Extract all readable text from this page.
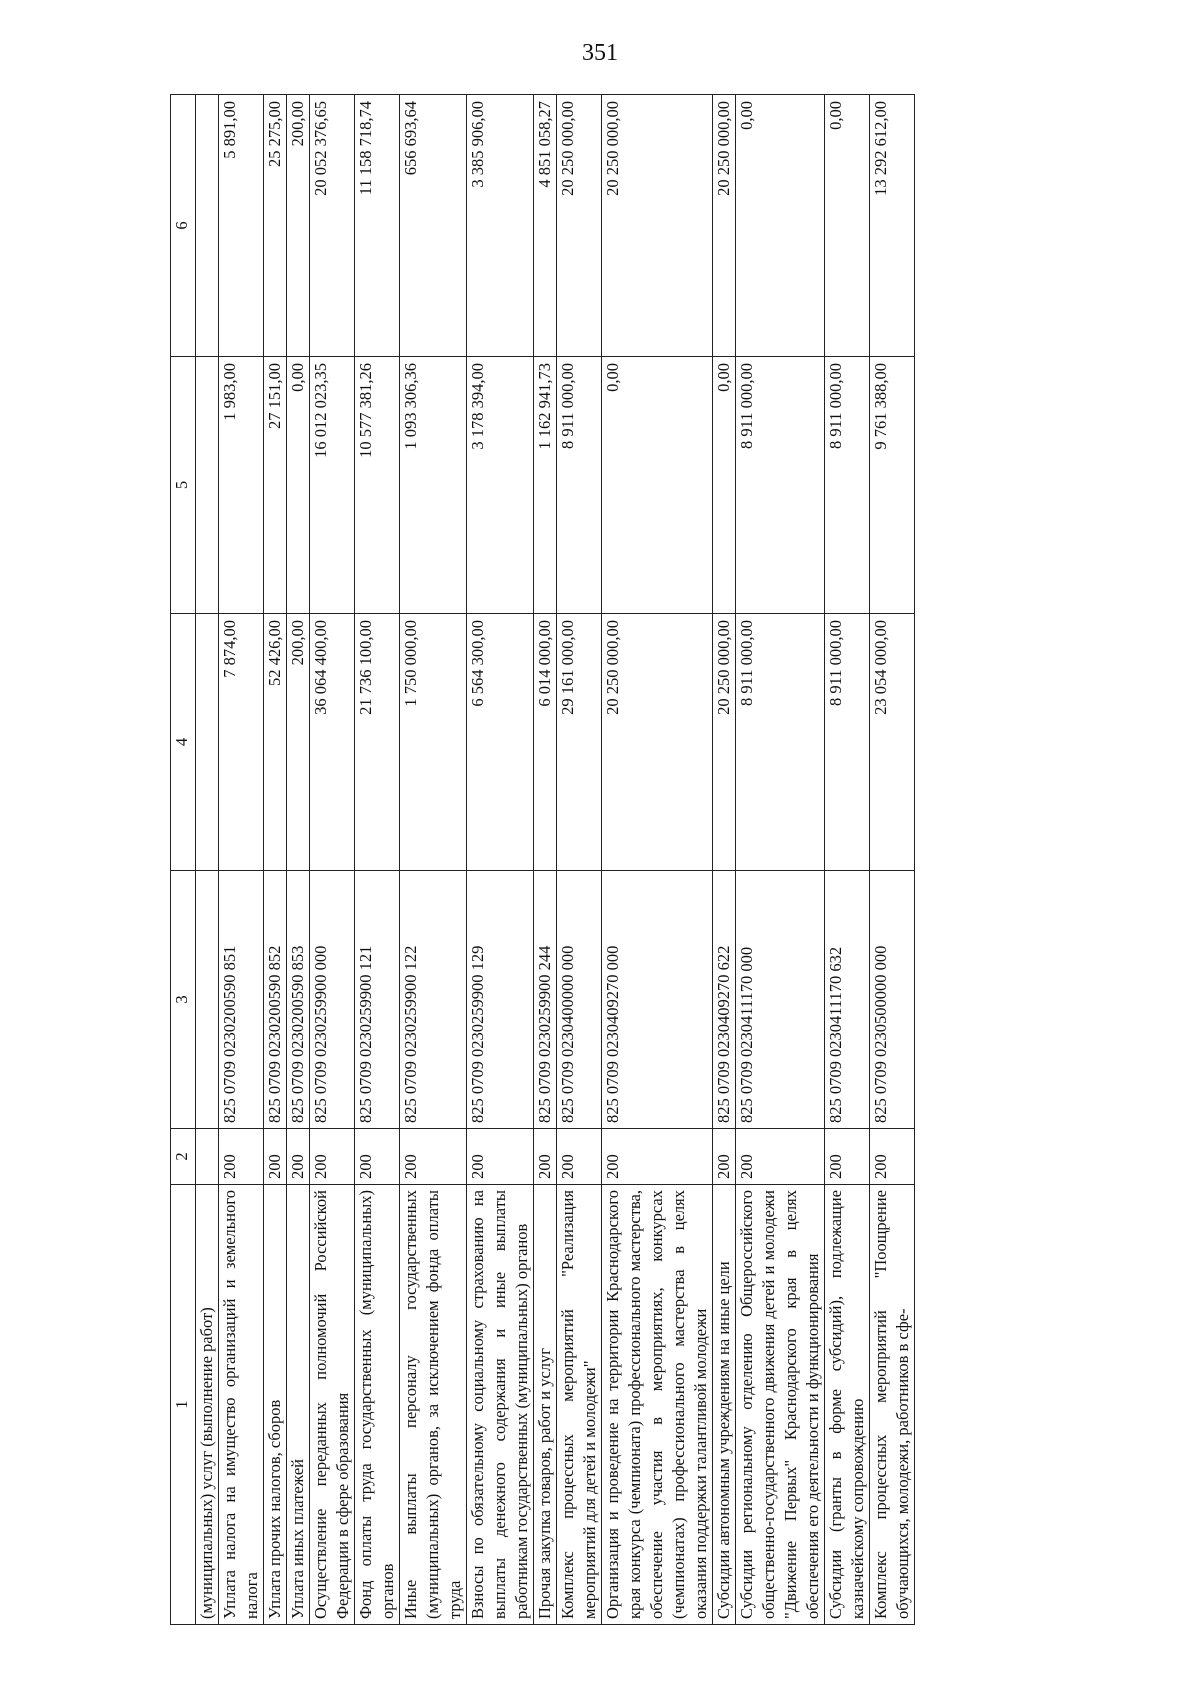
351
1	2	3	4	5	6
(муниципальных) услуг (выполнение работ)					
Уплата налога на имущество организаций и земельного налога	200	825 0709 0230200590 851	7 874,00	1 983,00	5 891,00
Уплата прочих налогов, сборов	200	825 0709 0230200590 852	52 426,00	27 151,00	25 275,00
Уплата иных платежей	200	825 0709 0230200590 853	200,00	0,00	200,00
Осуществление переданных полномочий Российской Федерации в сфере образования	200	825 0709 0230259900 000	36 064 400,00	16 012 023,35	20 052 376,65
Фонд оплаты труда государственных (муниципальных) органов	200	825 0709 0230259900 121	21 736 100,00	10 577 381,26	11 158 718,74
Иные выплаты персоналу государственных (муниципальных) органов, за исключением фонда оплаты труда	200	825 0709 0230259900 122	1 750 000,00	1 093 306,36	656 693,64
Взносы по обязательному социальному страхованию на выплаты денежного содержания и иные выплаты работникам государственных (муниципальных) органов	200	825 0709 0230259900 129	6 564 300,00	3 178 394,00	3 385 906,00
Прочая закупка товаров, работ и услуг	200	825 0709 0230259900 244	6 014 000,00	1 162 941,73	4 851 058,27
Комплекс процессных мероприятий "Реализация мероприятий для детей и молодежи"	200	825 0709 0230400000 000	29 161 000,00	8 911 000,00	20 250 000,00
Организация и проведение на территории Краснодарского края конкурса (чемпионата) профессионального мастерства, обеспечение участия в мероприятиях, конкурсах (чемпионатах) профессионального мастерства в целях оказания поддержки талантливой молодежи	200	825 0709 0230409270 000	20 250 000,00	0,00	20 250 000,00
Субсидии автономным учреждениям на иные цели	200	825 0709 0230409270 622	20 250 000,00	0,00	20 250 000,00
Субсидии региональному отделению Общероссийского общественно-государственного движения детей и молодежи "Движение Первых" Краснодарского края в целях обеспечения его деятельности и функционирования	200	825 0709 0230411170 000	8 911 000,00	8 911 000,00	0,00
Субсидии (гранты в форме субсидий), подлежащие казначейскому сопровождению	200	825 0709 0230411170 632	8 911 000,00	8 911 000,00	0,00
Комплекс процессных мероприятий "Поощрение обучающихся, молодежи, работников в сфе-	200	825 0709 0230500000 000	23 054 000,00	9 761 388,00	13 292 612,00
